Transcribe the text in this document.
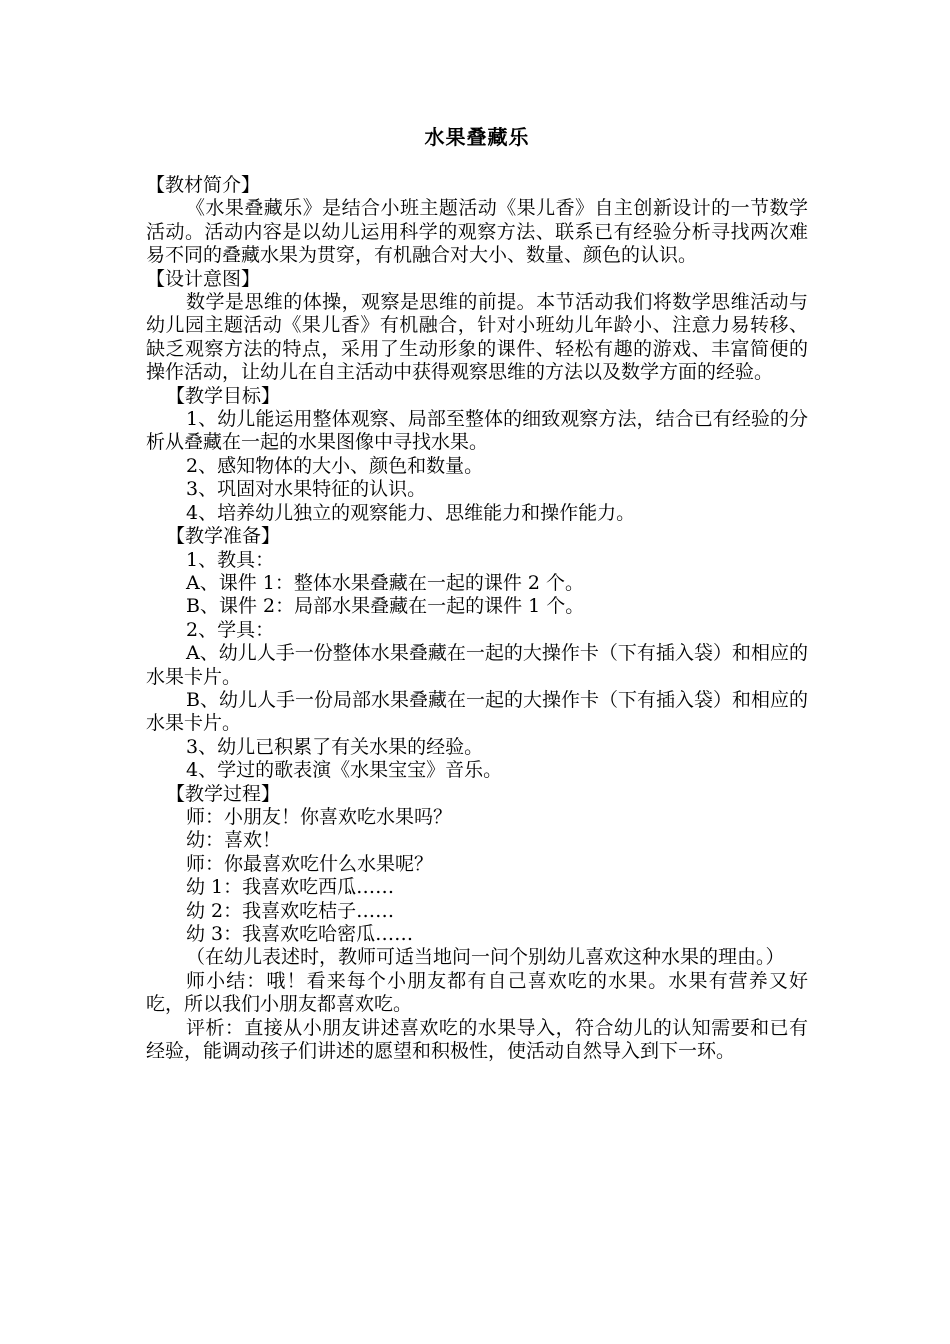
水果叠藏乐
【教材简介】

《水果叠藏乐》是结合小班主题活动《果儿香》自主创新设计的一节数学活动。活动内容是以幼儿运用科学的观察方法、联系已有经验分析寻找两次难易不同的叠藏水果为贯穿，有机融合对大小、数量、颜色的认识。

【设计意图】

数学是思维的体操，观察是思维的前提。本节活动我们将数学思维活动与幼儿园主题活动《果儿香》有机融合，针对小班幼儿年龄小、注意力易转移、缺乏观察方法的特点，采用了生动形象的课件、轻松有趣的游戏、丰富简便的操作活动，让幼儿在自主活动中获得观察思维的方法以及数学方面的经验。

【教学目标】

1、幼儿能运用整体观察、局部至整体的细致观察方法，结合已有经验的分析从叠藏在一起的水果图像中寻找水果。

2、感知物体的大小、颜色和数量。

3、巩固对水果特征的认识。

4、培养幼儿独立的观察能力、思维能力和操作能力。

【教学准备】

1、教具：

A、课件 1：整体水果叠藏在一起的课件 2 个。

B、课件 2：局部水果叠藏在一起的课件 1 个。

2、学具：

A、幼儿人手一份整体水果叠藏在一起的大操作卡（下有插入袋）和相应的水果卡片。

B、幼儿人手一份局部水果叠藏在一起的大操作卡（下有插入袋）和相应的水果卡片。

3、幼儿已积累了有关水果的经验。

4、学过的歌表演《水果宝宝》音乐。

【教学过程】

师：小朋友！你喜欢吃水果吗？

幼：喜欢！

师：你最喜欢吃什么水果呢？

幼 1：我喜欢吃西瓜……

幼 2：我喜欢吃桔子……

幼 3：我喜欢吃哈密瓜……

（在幼儿表述时，教师可适当地问一问个别幼儿喜欢这种水果的理由。）

师小结：哦！看来每个小朋友都有自己喜欢吃的水果。水果有营养又好吃，所以我们小朋友都喜欢吃。

评析：直接从小朋友讲述喜欢吃的水果导入，符合幼儿的认知需要和已有经验，能调动孩子们讲述的愿望和积极性，使活动自然导入到下一环。
